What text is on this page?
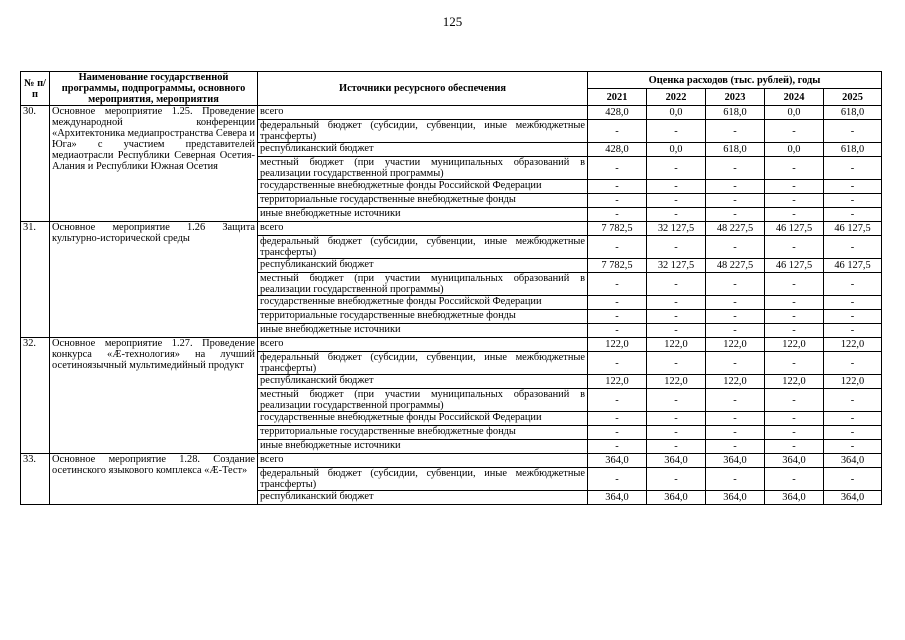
125
№ п/п	Наименование государственной программы, подпрограммы, основного мероприятия, мероприятия	Источники ресурсного обеспечения	Оценка расходов (тыс. рублей), годы				
			2021	2022	2023	2024	2025
30.	Основное мероприятие 1.25. Проведение международной конференции «Архитектоника медиапространства Севера и Юга» с участием представителей медиаотрасли Республики Северная Осетия-Алания и Республики Южная Осетия	всего	428,0	0,0	618,0	0,0	618,0
		федеральный бюджет (субсидии, субвенции, иные межбюджетные трансферты)	-	-	-	-	-
		республиканский бюджет	428,0	0,0	618,0	0,0	618,0
		местный бюджет (при участии муниципальных образований в реализации государственной программы)	-	-	-	-	-
		государственные внебюджетные фонды Российской Федерации	-	-	-	-	-
		территориальные государственные внебюджетные фонды	-	-	-	-	-
		иные внебюджетные источники	-	-	-	-	-
31.	Основное мероприятие 1.26 Защита культурно-исторической среды	всего	7 782,5	32 127,5	48 227,5	46 127,5	46 127,5
		федеральный бюджет (субсидии, субвенции, иные межбюджетные трансферты)	-	-	-	-	-
		республиканский бюджет	7 782,5	32 127,5	48 227,5	46 127,5	46 127,5
		местный бюджет (при участии муниципальных образований в реализации государственной программы)	-	-	-	-	-
		государственные внебюджетные фонды Российской Федерации	-	-	-	-	-
		территориальные государственные внебюджетные фонды	-	-	-	-	-
		иные внебюджетные источники	-	-	-	-	-
32.	Основное мероприятие 1.27. Проведение конкурса «Æ-технология» на лучший осетиноязычный мультимедийный продукт	всего	122,0	122,0	122,0	122,0	122,0
		федеральный бюджет (субсидии, субвенции, иные межбюджетные трансферты)	-	-	-	-	-
		республиканский бюджет	122,0	122,0	122,0	122,0	122,0
		местный бюджет (при участии муниципальных образований в реализации государственной программы)	-	-	-	-	-
		государственные внебюджетные фонды Российской Федерации	-	-	-	-	-
		территориальные государственные внебюджетные фонды	-	-	-	-	-
		иные внебюджетные источники	-	-	-	-	-
33.	Основное мероприятие 1.28. Создание осетинского языкового комплекса «Æ-Тест»	всего	364,0	364,0	364,0	364,0	364,0
		федеральный бюджет (субсидии, субвенции, иные межбюджетные трансферты)	-	-	-	-	-
		республиканский бюджет	364,0	364,0	364,0	364,0	364,0
